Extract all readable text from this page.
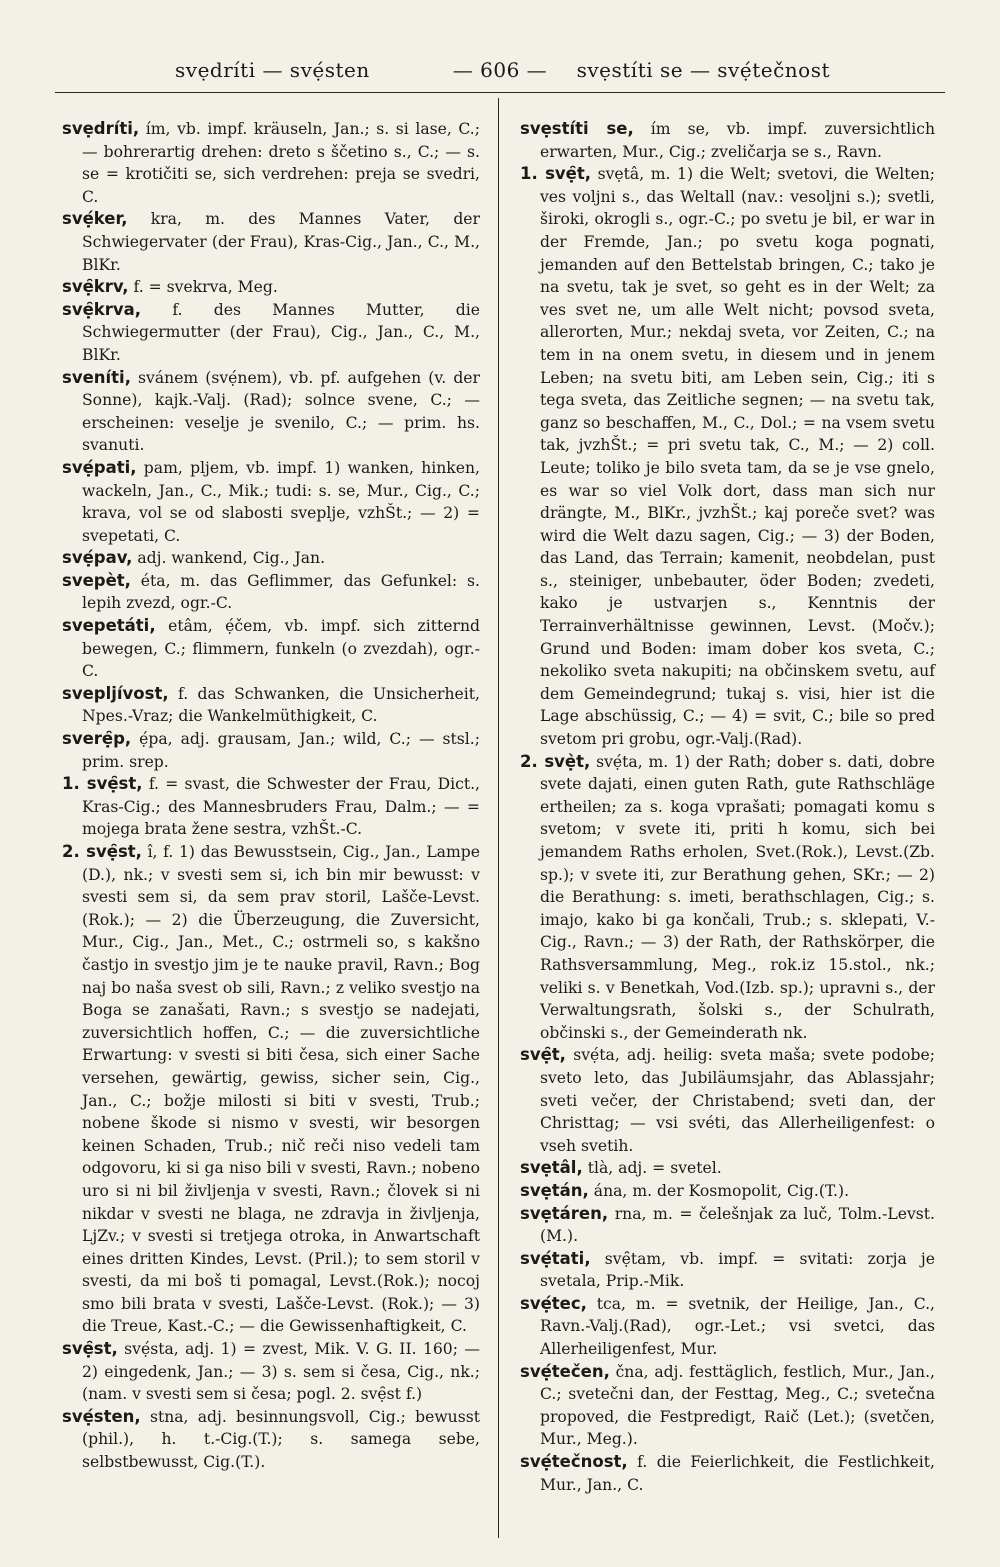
svẹdríti — svẹ́sten	— 606 —	svẹstíti se — svẹ́tečnost

svẹdríti, ím, vb. impf. kräuseln, Jan.; s. si lase, C.; — bohrerartig drehen: dreto s ščetino s., C.; — s. se = krotičiti se, sich verdrehen: preja se svedri, C.

svẹ́ker, kra, m. des Mannes Vater, der Schwiegervater (der Frau), Kras-Cig., Jan., C., M., BlKr.

svẹ̑krv, f. = svekrva, Meg.

svẹ̑krva, f. des Mannes Mutter, die Schwiegermutter (der Frau), Cig., Jan., C., M., BlKr.

svenı́ti, svánem (svẹ́nem), vb. pf. aufgehen (v. der Sonne), kajk.-Valj. (Rad); solnce svene, C.; — erscheinen: veselje je svenilo, C.; — prim. hs. svanuti.

svẹ́pati, pam, pljem, vb. impf. 1) wanken, hinken, wackeln, Jan., C., Mik.; tudi: s. se, Mur., Cig., C.; krava, vol se od slabosti sveplje, vzhŠt.; — 2) = svepetati, C.

svẹ́pav, adj. wankend, Cig., Jan.

svepèt, éta, m. das Geflimmer, das Gefunkel: s. lepih zvezd, ogr.-C.

svepetáti, etâm, ẹ́čem, vb. impf. sich zitternd bewegen, C.; flimmern, funkeln (o zvezdah), ogr.-C.

svepljívost, f. das Schwanken, die Unsicherheit, Npes.-Vraz; die Wankelmüthigkeit, C.

sverẹ̑p, ẹ́pa, adj. grausam, Jan.; wild, C.; — stsl.; prim. srep.

1. svẹ̑st, f. = svast, die Schwester der Frau, Dict., Kras-Cig.; des Mannesbruders Frau, Dalm.; — = mojega brata žene sestra, vzhŠt.-C.

2. svẹ̑st, ı̂, f. 1) das Bewusstsein, Cig., Jan., Lampe (D.), nk.; v svesti sem si, ich bin mir bewusst: v svesti sem si, da sem prav storil, Lašče-Levst.(Rok.); — 2) die Überzeugung, die Zuversicht, Mur., Cig., Jan., Met., C.; ostrmeli so, s kakšno častjo in svestjo jim je te nauke pravil, Ravn.; Bog naj bo naša svest ob sili, Ravn.; z veliko svestjo na Boga se zanašati, Ravn.; s svestjo se nadejati, zuversichtlich hoffen, C.; — die zuversichtliche Erwartung: v svesti si biti česa, sich einer Sache versehen, gewärtig, gewiss, sicher sein, Cig., Jan., C.; božje milosti si biti v svesti, Trub.; nobene škode si nismo v svesti, wir besorgen keinen Schaden, Trub.; nič reči niso vedeli tam odgovoru, ki si ga niso bili v svesti, Ravn.; nobeno uro si ni bil življenja v svesti, Ravn.; človek si ni nikdar v svesti ne blaga, ne zdravja in življenja, LjZv.; v svesti si tretjega otroka, in Anwartschaft eines dritten Kindes, Levst. (Pril.); to sem storil v svesti, da mi boš ti pomagal, Levst.(Rok.); nocoj smo bili brata v svesti, Lašče-Levst. (Rok.); — 3) die Treue, Kast.-C.; — die Gewissenhaftigkeit, C.

svẹ̑st, svẹ́sta, adj. 1) = zvest, Mik. V. G. II. 160; — 2) eingedenk, Jan.; — 3) s. sem si česa, Cig., nk.; (nam. v svesti sem si česa; pogl. 2. svẹ̑st f.)

svẹ́sten, stna, adj. besinnungsvoll, Cig.; bewusst (phil.), h. t.-Cig.(T.); s. samega sebe, selbstbewusst, Cig.(T.).

svẹstíti se, ím se, vb. impf. zuversichtlich erwarten, Mur., Cig.; zveličarja se s., Ravn.

1. svẹ̑t, svẹtâ, m. 1) die Welt; svetovi, die Welten; ves voljni s., das Weltall (nav.: vesoljni s.); svetli, široki, okrogli s., ogr.-C.; po svetu je bil, er war in der Fremde, Jan.; po svetu koga pognati, jemanden auf den Bettelstab bringen, C.; tako je na svetu, tak je svet, so geht es in der Welt; za ves svet ne, um alle Welt nicht; povsod sveta, allerorten, Mur.; nekdaj sveta, vor Zeiten, C.; na tem in na onem svetu, in diesem und in jenem Leben; na svetu biti, am Leben sein, Cig.; iti s tega sveta, das Zeitliche segnen; — na svetu tak, ganz so beschaffen, M., C., Dol.; = na vsem svetu tak, jvzhŠt.; = pri svetu tak, C., M.; — 2) coll. Leute; toliko je bilo sveta tam, da se je vse gnelo, es war so viel Volk dort, dass man sich nur drängte, M., BlKr., jvzhŠt.; kaj poreče svet? was wird die Welt dazu sagen, Cig.; — 3) der Boden, das Land, das Terrain; kamenit, neobdelan, pust s., steiniger, unbebauter, öder Boden; zvedeti, kako je ustvarjen s., Kenntnis der Terrainverhältnisse gewinnen, Levst. (Močv.); Grund und Boden: imam dober kos sveta, C.; nekoliko sveta nakupiti; na občinskem svetu, auf dem Gemeindegrund; tukaj s. visi, hier ist die Lage abschüssig, C.; — 4) = svit, C.; bile so pred svetom pri grobu, ogr.-Valj.(Rad).

2. svẹ̀t, svẹ́ta, m. 1) der Rath; dober s. dati, dobre svete dajati, einen guten Rath, gute Rathschläge ertheilen; za s. koga vprašati; pomagati komu s svetom; v svete iti, priti h komu, sich bei jemandem Raths erholen, Svet.(Rok.), Levst.(Zb. sp.); v svete iti, zur Berathung gehen, SKr.; — 2) die Berathung: s. imeti, berathschlagen, Cig.; s. imajo, kako bi ga končali, Trub.; s. sklepati, V.-Cig., Ravn.; — 3) der Rath, der Rathskörper, die Rathsversammlung, Meg., rok.iz 15.stol., nk.; veliki s. v Benetkah, Vod.(Izb. sp.); upravni s., der Verwaltungsrath, šolski s., der Schulrath, občinski s., der Gemeinderath nk.

svẹ̑t, svẹ́ta, adj. heilig: sveta maša; svete podobe; sveto leto, das Jubiläumsjahr, das Ablassjahr; sveti večer, der Christabend; sveti dan, der Christtag; — vsi svéti, das Allerheiligenfest: o vseh svetih.

svẹtâl, tlà, adj. = svetel.

svẹtán, ána, m. der Kosmopolit, Cig.(T.).

svẹtáren, rna, m. = čelešnjak za luč, Tolm.-Levst.(M.).

svẹ́tati, svẹ̑tam, vb. impf. = svitati: zorja je svetala, Prip.-Mik.

svẹ́tec, tca, m. = svetnik, der Heilige, Jan., C., Ravn.-Valj.(Rad), ogr.-Let.; vsi svetci, das Allerheiligenfest, Mur.

svẹ́tečen, čna, adj. festtäglich, festlich, Mur., Jan., C.; svetečni dan, der Festtag, Meg., C.; svetečna propoved, die Festpredigt, Raič (Let.); (svetčen, Mur., Meg.).

svẹ́tečnost, f. die Feierlichkeit, die Festlichkeit, Mur., Jan., C.
